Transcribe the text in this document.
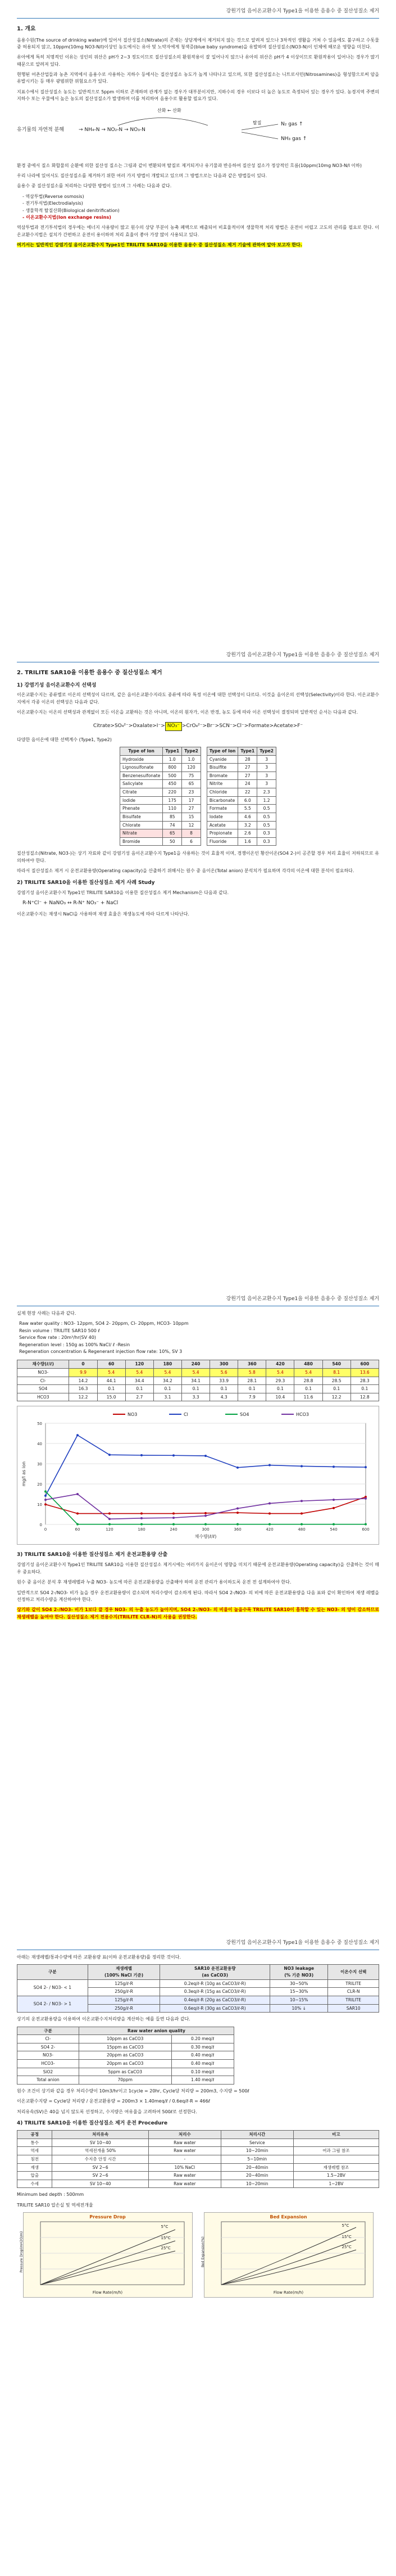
강원기업 음이온교환수지 Type1을 이용한 음용수 중 질산성질소 제거
1. 개요

음용수원(The source of drinking water)에 있어서 질산성질소(Nitrate)의 존재는 상당계에서 제거되지 않는 것으로 알려져 있으나 3차적인 생활을 거쳐 수 있음에도 불구하고 수돗물 중 허용되지 않고, 10ppm(10mg NO3-N/l)이상인 농도에서는 유아 및 노약자에게 청색증(blue baby syndrome)을 유발하며 질산성질소(NO3-N)이 인체에 해로운 영향을 미친다.

유아에게 특히 치명적인 이유는 성인의 위산은 pH가 2~3 정도이므로 질산성질소의 환원작용이 잘 일어나지 않으나 유아의 위산은 pH가 4 이상이므로 환원작용이 일어나는 경우가 많기 때문으로 알려져 있다.

현행된 어촌산업들과 농촌 지역에서 음용수로 사용하는 지하수 등에서는 질산성질소 농도가 높게 나타나고 있으며, 또한 질산성질소는 니트로사민(Nitrosamines)을 형성함으로써 암을 유발시키는 등 매우 광범위한 위험요소가 있다.

지표수에서 질산성질소 농도는 일반적으로 5ppm 이하로 존재하며 관계가 없는 경우가 대부분이지만, 지하수의 경우 이보다 더 높은 농도로 측정되어 있는 경우가 있다. 농경지역 주변의 지하수 또는 우물에서 높은 농도의 질산성질소가 발생하며 이를 처리하여 음용수로 활용할 필요가 있다.

산화 ← 산화
유기물의 자연적 분해	→ NH₄-N → NO₂-N → NO₃-N
탈질	N₂ gas ↑
NH₃ gas ↑

환경 중에서 질소 화합물의 순환에 의한 질산성 질소는 그림과 같이 변환되며 탈질로 제거되거나 유기물과 반응하여 질산성 질소가 정상적인 흐름(10ppm(10mg NO3-N/l 이하)

우리 나라에 있어서도 질산성질소를 제거하기 위한 여러 가지 방법이 개발되고 있으며 그 방법으로는 다음과 같은 방법들이 있다.

음용수 중 질산성질소를 처리하는 다양한 방법이 있으며 그 사례는 다음과 같다.

- 역삼투법(Reverse osmosis)
- 전기투석법(Electrodialysis)
- 생물학적 탈질산화(Biological denitrification)
- 이온교환수지법(Ion exchange resins)

역삼투법과 전기투석법의 경우에는 에너지 사용량이 많고 원수의 상당 부분이 농축 폐액으로 배출되어 비효율적이며 생물학적 처리 방법은 운전이 어렵고 고도의 관리를 필요로 한다. 이온교환수지법은 설치가 간편하고 운전이 용이하며 처리 효율이 좋아 가장 많이 사용되고 있다.

여기서는 일반적인 강염기성 음이온교환수지 Type1인 TRILITE SAR10을 이용한 음용수 중 질산성질소 제거 기술에 관하여 알아 보고자 한다.

강원기업 음이온교환수지 Type1을 이용한 음용수 중 질산성질소 제거
2. TRILITE SAR10을 이용한 음용수 중 질산성질소 제거
1) 강염기성 음이온교환수지 선택성

이온교환수지는 종류별로 이온의 선택성이 다르며, 같은 음이온교환수지라도 종류에 따라 특정 이온에 대한 선택성이 다르다. 이것을 음이온의 선택성(Selectivity)이라 한다. 이온교환수지에서 각종 이온의 선택성은 다음과 같다.

이온교환수지는 이온의 선택성과 관계없이 모든 이온을 교환하는 것은 아니며, 이온의 원자가, 이온 반경, 농도 등에 따라 이온 선택성이 결정되며 일반적인 순서는 다음과 같다.

Citrate>SO₄²⁻>Oxalate>I⁻> NO₃⁻ >CrO₄²⁻>Br⁻>SCN⁻>Cl⁻>Formate>Acetate>F⁻

다양한 음이온에 대한 선택계수 (Type1, Type2)

Type of Ion	Type1	Type2
Hydroxide	1.0	1.0
Lignosulfonate	800	120
Benzenesulfonate	500	75
Salicylate	450	65
Citrate	220	23
Iodide	175	17
Phenate	110	27
Bisulfate	85	15
Chlorate	74	12
Nitrate	65	8
Bromide	50	6
Type of Ion	Type1	Type2
Cyanide	28	3
Bisulfite	27	3
Bromate	27	3
Nitrite	24	3
Chloride	22	2.3
Bicarbonate	6.0	1.2
Formate	5.5	0.5
Iodate	4.6	0.5
Acetate	3.2	0.5
Propionate	2.6	0.3
Fluoride	1.6	0.3

질산성질소(Nitrate, NO3-)는 상기 자료와 같이 강염기성 음이온교환수지 Type1을 사용하는 것이 효율적 이며, 경쟁이온인 황산이온(SO4 2-)이 공존할 경우 처리 효율이 저하되므로 유의하여야 한다.

따라서 질산성질소 제거 시 운전교환용량(Operating capacity)을 산출하기 위해서는 원수 중 음이온(Total anion) 분석치가 필요하며 각각의 이온에 대한 분석이 필요하다.

2) TRILITE SAR10을 이용한 질산성질소 제거 사례 Study

강염기성 음이온교환수지 Type1인 TRILITE SAR10을 이용한 질산성질소 제거 Mechanism은 다음과 같다.

R-N⁺Cl⁻ + NaNO₃ ↔ R-N⁺ NO₃⁻ + NaCl

이온교환수지는 재생시 NaCl을 사용하며 재생 효율은 재생농도에 따라 다르게 나타난다.

강원기업 음이온교환수지 Type1을 이용한 음용수 중 질산성질소 제거

실제 현장 사례는 다음과 같다.

Raw water quality : NO3- 12ppm, SO4 2- 20ppm, Cl- 20ppm, HCO3- 10ppm
Resin volume : TRILITE SAR10 500 ℓ
Service flow rate : 20m³/hr(SV 40)
Regeneration level : 150g as 100% NaCl/ ℓ -Resin
Regeneration concentration & Regenerant injection flow rate: 10%, SV 3
채수량(ℓ/ℓ)	0	60	120	180	240	300	360	420	480	540	600
NO3-	9.9	5.4	5.4	5.4	5.4	5.6	5.8	5.4	5.4	8.1	13.6
Cl-	14.2	44.1	34.4	34.2	34.1	33.9	28.1	29.3	28.8	28.5	28.3
SO4	16.3	0.1	0.1	0.1	0.1	0.1	0.1	0.1	0.1	0.1	0.1
HCO3	12.2	15.0	2.7	3.1	3.3	4.3	7.9	10.4	11.6	12.2	12.8
0
10
20
30
40
50
0	60	120	180	240	300	360	420	480	540	600
채수량(ℓ/ℓ)
mg/l as ion
NO3	Cl	SO4	HCO3
3) TRILITE SAR10을 이용한 질산성질소 제거 운전교환용량 산출

강염기성 음이온교환수지 Type1인 TRILITE SAR10을 이용한 질산성질소 제거시에는 여러가지 음이온이 영향을 미치기 때문에 운전교환용량(Operating capacity)을 산출하는 것이 매우 중요하다.

원수 중 음이온 분석 후 재생레벨과 누출 NO3- 농도에 따른 운전교환용량을 산출해야 하며 운전 관리가 용이하도록 운전 전 설계하여야 한다.

일반적으로 SO4 2-/NO3- 비가 높을 경우 운전교환용량이 감소되며 처리수량이 감소하게 된다. 따라서 SO4 2-/NO3- 의 비에 따른 운전교환용량을 다음 표와 같이 확인하여 재생 레벨을 선정하고 처리수량을 계산하여야 한다.

상기와 같이 SO4 2-/NO3- 비가 1보다 클 경우 NO3- 의 누출 농도가 높아지며, SO4 2-/NO3- 의 비율이 높을수록 TRILITE SAR10이 흡착할 수 있는 NO3- 의 양이 감소하므로 재생레벨을 높여야 한다. 질산성질소 제거 전용수지(TRILITE CLR-N)의 사용을 권장한다.

강원기업 음이온교환수지 Type1을 이용한 음용수 중 질산성질소 제거

아래는 재생레벨/통과수량에 따른 교환용량 표(이하 운전교환용량)를 정리한 것이다.

구분	재생레벨
(100% NaCl 기준)	SAR10 운전교환용량
(as CaCO3)	NO3 leakage
(% 기준 NO3)	이온수지 선택
SO4 2- / NO3- < 1	125g/ℓ-R	0.2eq/ℓ-R (10g as CaCO3/ℓ-R)	30~50%	TRILITE
	250g/ℓ-R	0.3eq/ℓ-R (15g as CaCO3/ℓ-R)	15~30%	CLR-N
SO4 2- / NO3- > 1	125g/ℓ-R	0.4eq/ℓ-R (20g as CaCO3/ℓ-R)	10~15%	TRILITE
	250g/ℓ-R	0.6eq/ℓ-R (30g as CaCO3/ℓ-R)	10% ↓	SAR10

상기의 운전교환용량을 이용하여 이온교환수지처리량을 계산하는 예를 들면 다음과 같다.

구분	Raw water anion quality	
Cl-	10ppm as CaCO3	0.20 meq/ℓ
SO4 2-	15ppm as CaCO3	0.30 meq/ℓ
NO3-	20ppm as CaCO3	0.40 meq/ℓ
HCO3-	20ppm as CaCO3	0.40 meq/ℓ
SiO2	5ppm as CaCO3	0.10 meq/ℓ
Total anion	70ppm	1.40 meq/ℓ

원수 조건이 상기와 같을 경우 처리수량이 10m3/hr이고 1cycle = 20hr, Cycle당 처리량 = 200m3, 수지량 = 500ℓ

이온교환수지량 = Cycle당 처리량 / 운전교환용량 = 200m3 × 1.40meq/ℓ / 0.6eq/ℓ-R = 466ℓ

처리유속(SV)은 40을 넘지 않도록 선정하고, 수지량은 여유율을 고려하여 500ℓ로 선정한다.

4) TRILITE SAR10을 이용한 질산성질소 제거 운전 Procedure
공정	처리유속	처리수	처리시간	비고
통수	SV 10~40	Raw water	Service	
역세	역세전개율 50%	Raw water	10~20min	여과 그림 참조
침전	수지층 안정 시간	-	5~10min	
재생	SV 2~6	10% NaCl	20~40min	재생레벨 참조
압출	SV 2~6	Raw water	20~40min	1.5~2BV
수세	SV 10~40	Raw water	10~20min	1~2BV

Minimum bed depth : 500mm

TRILITE SAR10 압손실 및 역세전개율

Pressure Drop
5°C
15°C
25°C
Flow Rate(m/h)
Pressure Drop(mH2O/m)
Bed Expansion
5°C
15°C
25°C
Flow Rate(m/h)
Bed Expansion(%)
